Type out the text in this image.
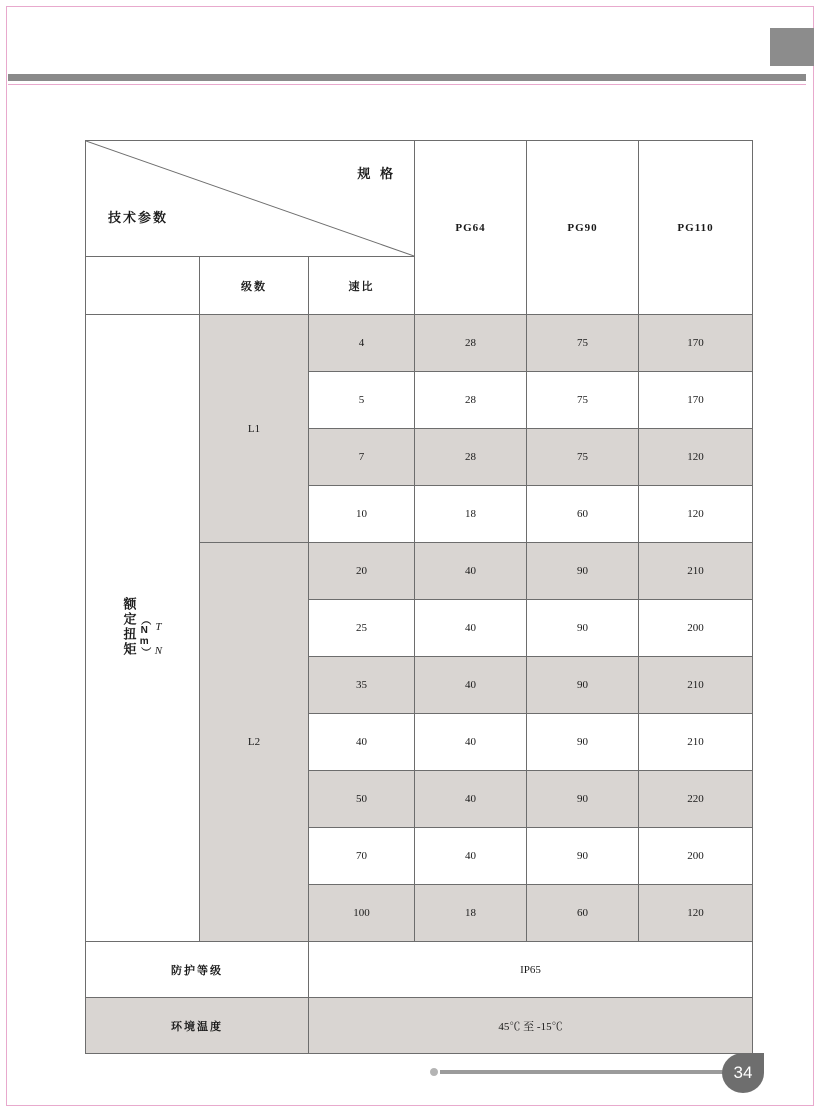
规 格
技术参数			PG64	PG90	PG110
	级数	速比			
额定扭矩 （Nm） T N	L1	4	28	75	170
		5	28	75	170
		7	28	75	120
		10	18	60	120
	L2	20	40	90	210
		25	40	90	200
		35	40	90	210
		40	40	90	210
		50	40	90	220
		70	40	90	200
		100	18	60	120
防护等级		IP65			
环境温度		45℃ 至 -15℃			
34
